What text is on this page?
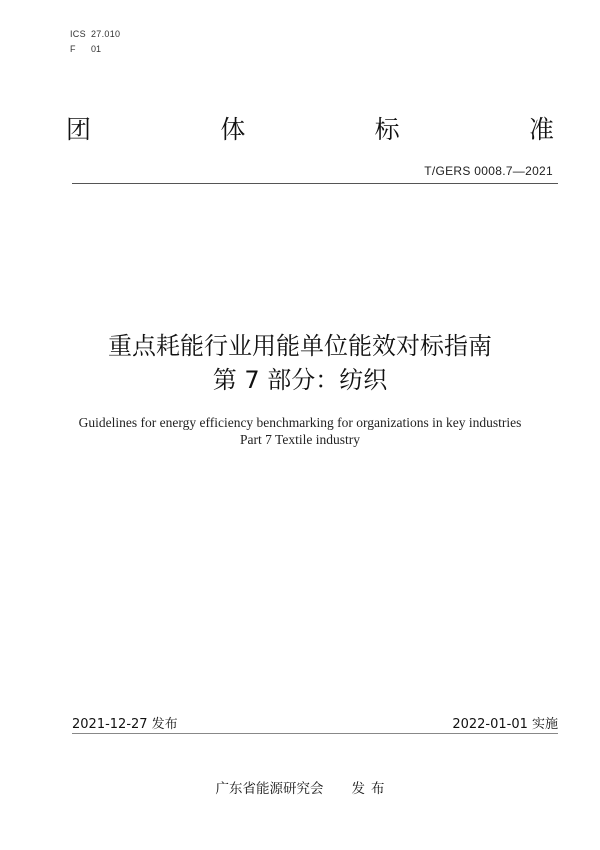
ICS 27.010
F 01
团	体	标	准
T/GERS 0008.7—2021
重点耗能行业用能单位能效对标指南
第 7 部分：纺织
Guidelines for energy efficiency benchmarking for organizations in key industries
Part 7 Textile industry
2021-12-27 发布	2022-01-01 实施
广东省能源研究会 发 布
